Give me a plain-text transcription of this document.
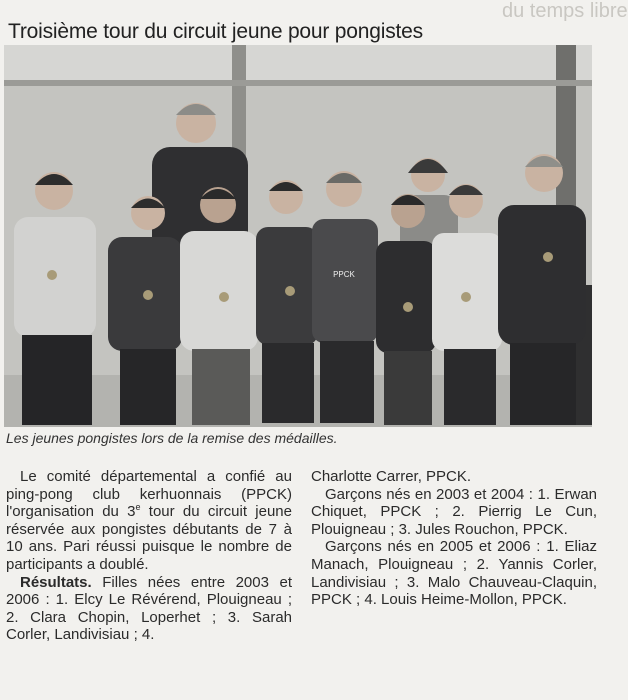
du temps libre
Troisième tour du circuit jeune pour pongistes
PPCK
Les jeunes pongistes lors de la remise des médailles.

Le comité départemental a confié au ping-pong club kerhuonnais (PPCK) l'organisation du 3e tour du circuit jeune réservée aux pongistes débutants de 7 à 10 ans. Pari réussi puisque le nombre de participants a doublé.

Résultats. Filles nées entre 2003 et 2006 : 1. Elcy Le Révérend, Plouigneau ; 2. Clara Chopin, Loperhet ; 3. Sarah Corler, Landivisiau ; 4.

Charlotte Carrer, PPCK.

Garçons nés en 2003 et 2004 : 1. Erwan Chiquet, PPCK ; 2. Pierrig Le Cun, Plouigneau ; 3. Jules Rouchon, PPCK.

Garçons nés en 2005 et 2006 : 1. Eliaz Manach, Plouigneau ; 2. Yannis Corler, Landivisiau ; 3. Malo Chauveau-Claquin, PPCK ; 4. Louis Heime-Mollon, PPCK.
